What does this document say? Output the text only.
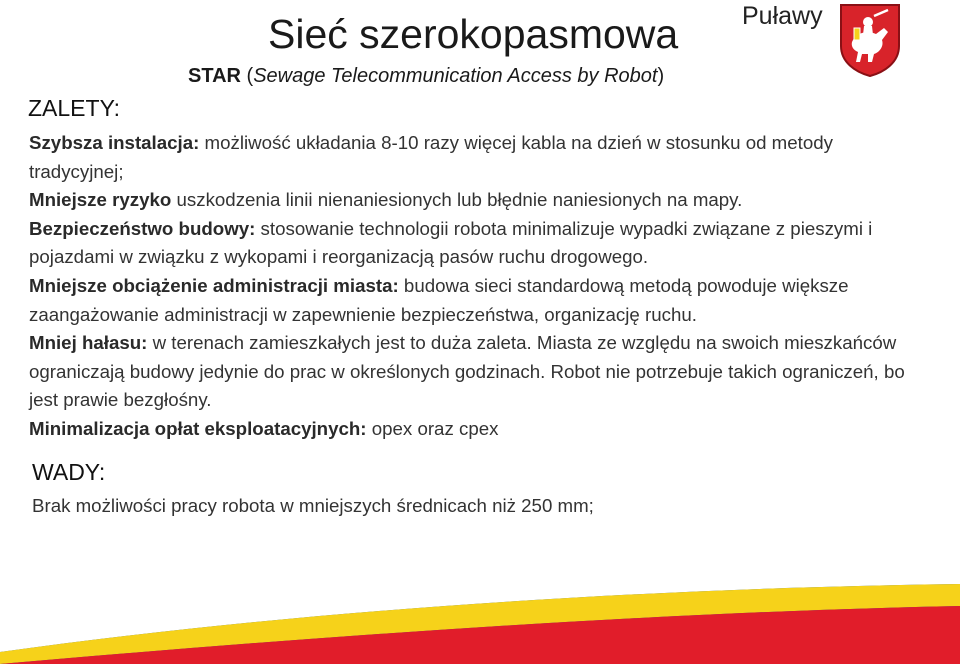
Sieć szerokopasmowa
STAR (Sewage Telecommunication Access by Robot)
Puławy
ZALETY:

Szybsza instalacja: możliwość układania 8-10 razy więcej kabla na dzień w stosunku od metody tradycyjnej;

Mniejsze ryzyko uszkodzenia linii nienaniesionych lub błędnie naniesionych na mapy.

Bezpieczeństwo budowy: stosowanie technologii robota minimalizuje wypadki związane z pieszymi i pojazdami w związku z wykopami i reorganizacją pasów ruchu drogowego.

Mniejsze obciążenie administracji miasta: budowa sieci standardową metodą powoduje większe zaangażowanie administracji w zapewnienie bezpieczeństwa, organizację ruchu.

Mniej hałasu: w terenach zamieszkałych jest to duża zaleta. Miasta ze względu na swoich mieszkańców ograniczają budowy jedynie do prac w określonych godzinach. Robot nie potrzebuje takich ograniczeń, bo jest prawie bezgłośny.

Minimalizacja opłat eksploatacyjnych: opex oraz cpex

WADY:
Brak możliwości pracy robota w mniejszych średnicach niż 250 mm;
